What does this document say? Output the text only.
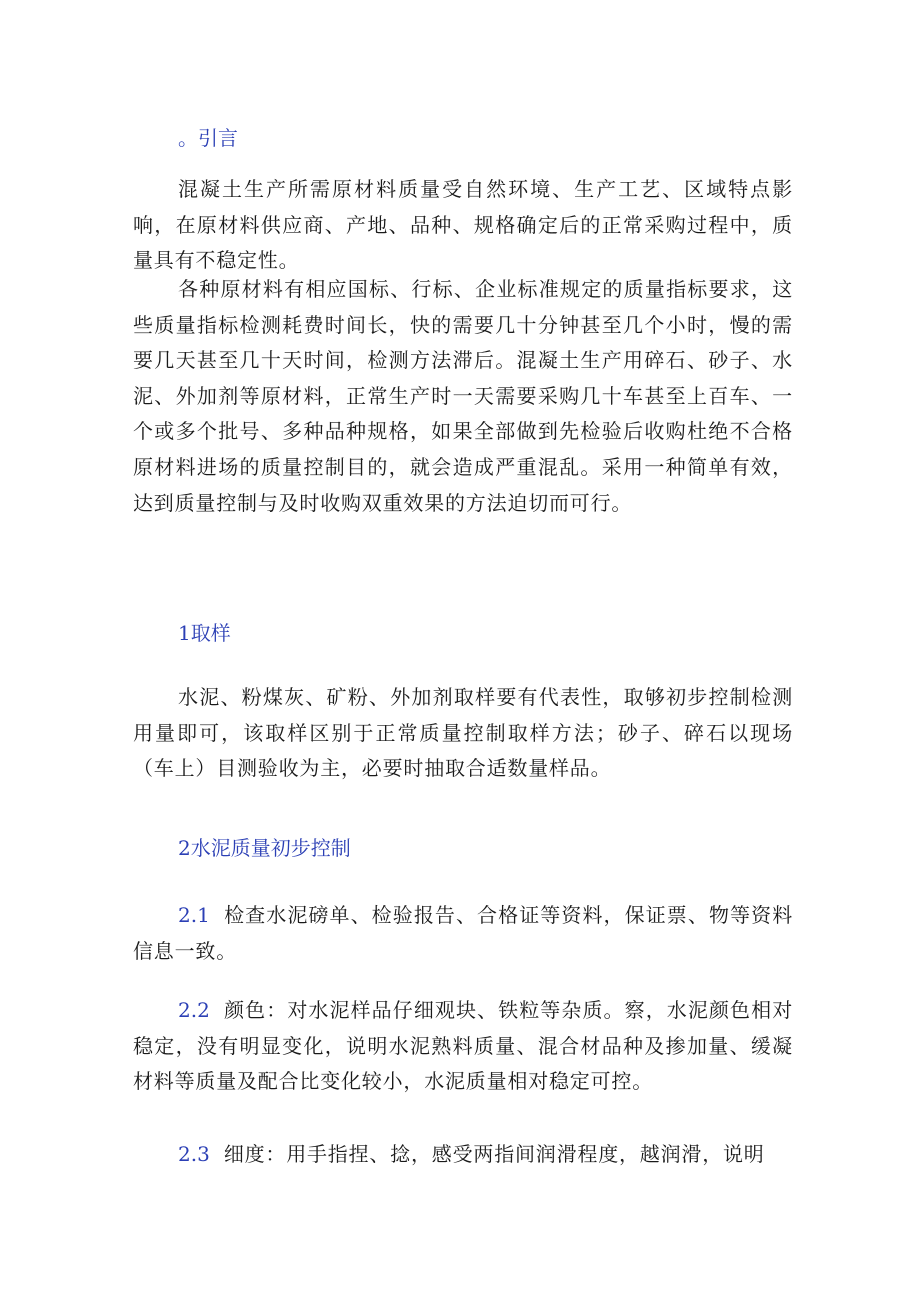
。引言

混凝土生产所需原材料质量受自然环境、生产工艺、区域特点影响，在原材料供应商、产地、品种、规格确定后的正常采购过程中，质量具有不稳定性。

各种原材料有相应国标、行标、企业标准规定的质量指标要求，这些质量指标检测耗费时间长，快的需要几十分钟甚至几个小时，慢的需要几天甚至几十天时间，检测方法滞后。混凝土生产用碎石、砂子、水泥、外加剂等原材料，正常生产时一天需要采购几十车甚至上百车、一个或多个批号、多种品种规格，如果全部做到先检验后收购杜绝不合格原材料进场的质量控制目的，就会造成严重混乱。采用一种简单有效，达到质量控制与及时收购双重效果的方法迫切而可行。

1取样

水泥、粉煤灰、矿粉、外加剂取样要有代表性，取够初步控制检测用量即可，该取样区别于正常质量控制取样方法；砂子、碎石以现场（车上）目测验收为主，必要时抽取合适数量样品。

2水泥质量初步控制

2.1 检查水泥磅单、检验报告、合格证等资料，保证票、物等资料信息一致。

2.2 颜色：对水泥样品仔细观块、铁粒等杂质。察，水泥颜色相对稳定，没有明显变化，说明水泥熟料质量、混合材品种及掺加量、缓凝材料等质量及配合比变化较小，水泥质量相对稳定可控。

2.3 细度：用手指捏、捻，感受两指间润滑程度，越润滑，说明
